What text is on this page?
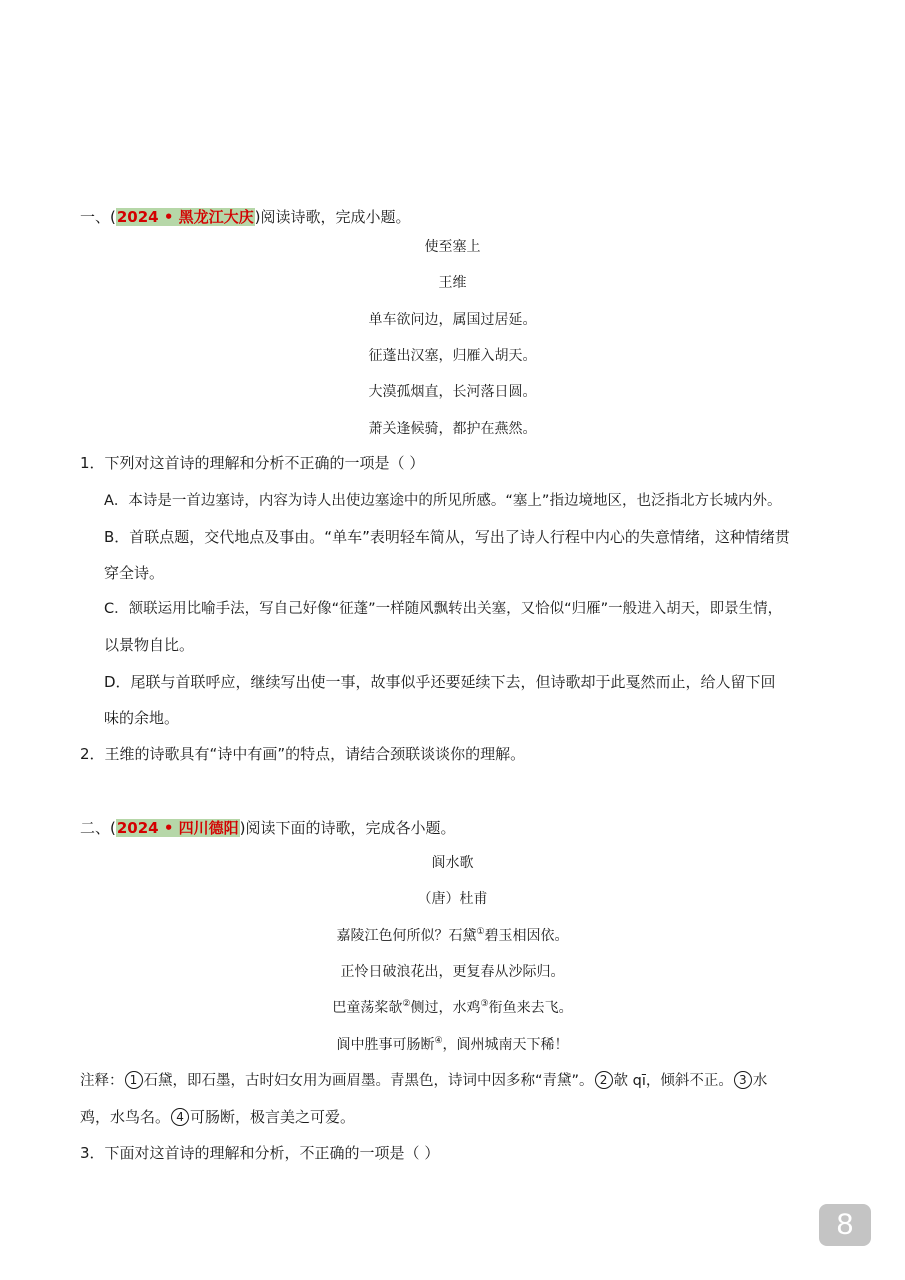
一、(2024 • 黑龙江大庆)阅读诗歌，完成小题。
使至塞上
王维
单车欲问边，属国过居延。
征蓬出汉塞，归雁入胡天。
大漠孤烟直，长河落日圆。
萧关逢候骑，都护在燕然。
1．下列对这首诗的理解和分析不正确的一项是（ ）
A．本诗是一首边塞诗，内容为诗人出使边塞途中的所见所感。“塞上”指边境地区，也泛指北方长城内外。
B．首联点题，交代地点及事由。“单车”表明轻车简从，写出了诗人行程中内心的失意情绪，这种情绪贯
穿全诗。
C．颔联运用比喻手法，写自己好像“征蓬”一样随风飘转出关塞，又恰似“归雁”一般进入胡天，即景生情，
以景物自比。
D．尾联与首联呼应，继续写出使一事，故事似乎还要延续下去，但诗歌却于此戛然而止，给人留下回
味的余地。
2．王维的诗歌具有“诗中有画”的特点，请结合颈联谈谈你的理解。
二、(2024 • 四川德阳)阅读下面的诗歌，完成各小题。
阆水歌
（唐）杜甫
嘉陵江色何所似？石黛①碧玉相因依。
正怜日破浪花出，更复春从沙际归。
巴童荡桨欹②侧过，水鸡③衔鱼来去飞。
阆中胜事可肠断④，阆州城南天下稀！
注释： 1 石黛，即石墨，古时妇女用为画眉墨。青黑色，诗词中因多称“青黛”。 2 欹 qī，倾斜不正。 3 水
鸡，水鸟名。 4 可肠断，极言美之可爱。
3．下面对这首诗的理解和分析，不正确的一项是（ ）
8
